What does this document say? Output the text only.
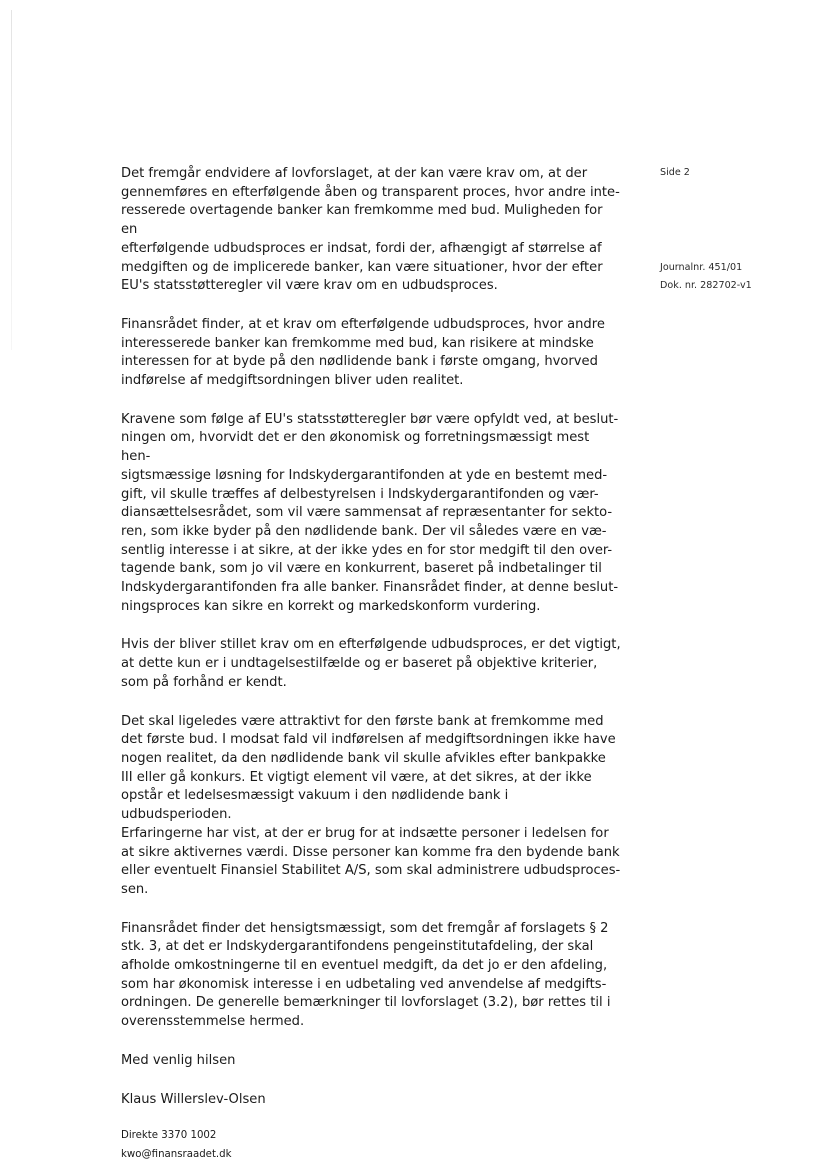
Side 2
Journalnr. 451/01
Dok. nr. 282702-v1

Det fremgår endvidere af lovforslaget, at der kan være krav om, at der
gennemføres en efterfølgende åben og transparent proces, hvor andre inte-
resserede overtagende banker kan fremkomme med bud. Muligheden for en
efterfølgende udbudsproces er indsat, fordi der, afhængigt af størrelse af
medgiften og de implicerede banker, kan være situationer, hvor der efter
EU's statsstøtteregler vil være krav om en udbudsproces.

Finansrådet finder, at et krav om efterfølgende udbudsproces, hvor andre
interesserede banker kan fremkomme med bud, kan risikere at mindske
interessen for at byde på den nødlidende bank i første omgang, hvorved
indførelse af medgiftsordningen bliver uden realitet.

Kravene som følge af EU's statsstøtteregler bør være opfyldt ved, at beslut-
ningen om, hvorvidt det er den økonomisk og forretningsmæssigt mest hen-
sigtsmæssige løsning for Indskydergarantifonden at yde en bestemt med-
gift, vil skulle træffes af delbestyrelsen i Indskydergarantifonden og vær-
diansættelsesrådet, som vil være sammensat af repræsentanter for sekto-
ren, som ikke byder på den nødlidende bank. Der vil således være en væ-
sentlig interesse i at sikre, at der ikke ydes en for stor medgift til den over-
tagende bank, som jo vil være en konkurrent, baseret på indbetalinger til
Indskydergarantifonden fra alle banker. Finansrådet finder, at denne beslut-
ningsproces kan sikre en korrekt og markedskonform vurdering.

Hvis der bliver stillet krav om en efterfølgende udbudsproces, er det vigtigt,
at dette kun er i undtagelsestilfælde og er baseret på objektive kriterier,
som på forhånd er kendt.

Det skal ligeledes være attraktivt for den første bank at fremkomme med
det første bud. I modsat fald vil indførelsen af medgiftsordningen ikke have
nogen realitet, da den nødlidende bank vil skulle afvikles efter bankpakke
III eller gå konkurs. Et vigtigt element vil være, at det sikres, at der ikke
opstår et ledelsesmæssigt vakuum i den nødlidende bank i udbudsperioden.
Erfaringerne har vist, at der er brug for at indsætte personer i ledelsen for
at sikre aktivernes værdi. Disse personer kan komme fra den bydende bank
eller eventuelt Finansiel Stabilitet A/S, som skal administrere udbudsproces-
sen.

Finansrådet finder det hensigtsmæssigt, som det fremgår af forslagets § 2
stk. 3, at det er Indskydergarantifondens pengeinstitutafdeling, der skal
afholde omkostningerne til en eventuel medgift, da det jo er den afdeling,
som har økonomisk interesse i en udbetaling ved anvendelse af medgifts-
ordningen. De generelle bemærkninger til lovforslaget (3.2), bør rettes til i
overensstemmelse hermed.

Med venlig hilsen

Klaus Willerslev-Olsen

Direkte 3370 1002

kwo@finansraadet.dk
